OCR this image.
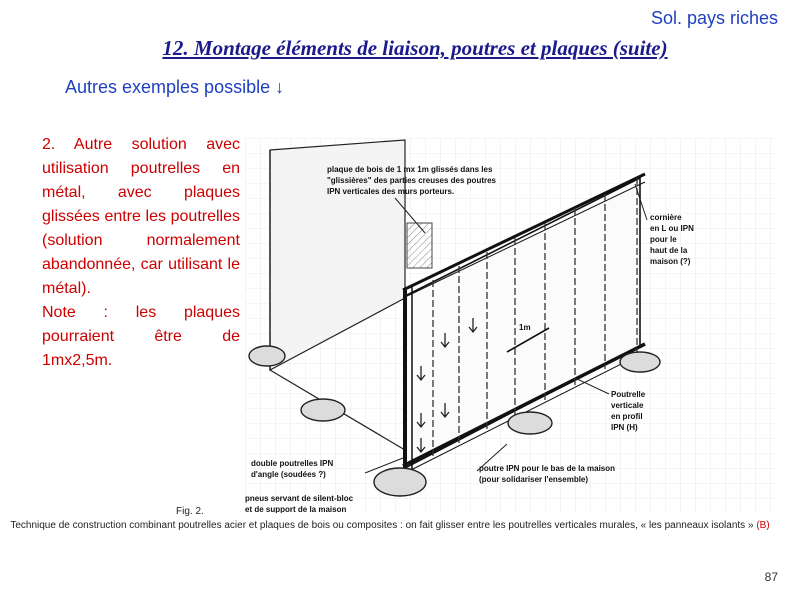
Sol. pays riches
12. Montage éléments de liaison, poutres et plaques (suite)
Autres exemples possible ↓

2. Autre solution avec utilisation poutrelles en métal, avec plaques glissées entre les poutrelles (solution normalement abandonnée, car utilisant le métal).

Note : les plaques pourraient être de 1mx2,5m.

1m
plaque de bois de 1 mx 1m glissés dans les
"glissières" des parties creuses des poutres
IPN verticales des murs porteurs.
cornière
en L ou IPN
pour le
haut de la
maison (?)
Poutrelle
verticale
en profil
IPN (H)
poutre IPN pour le bas de la maison
(pour solidariser l'ensemble)
double poutrelles IPN
d'angle (soudées ?)
pneus servant de silent-bloc
et de support de la maison
Fig. 2.
Technique de construction combinant poutrelles acier et plaques de bois ou composites : on fait glisser entre les poutrelles verticales murales, « les panneaux isolants » (B)
87
